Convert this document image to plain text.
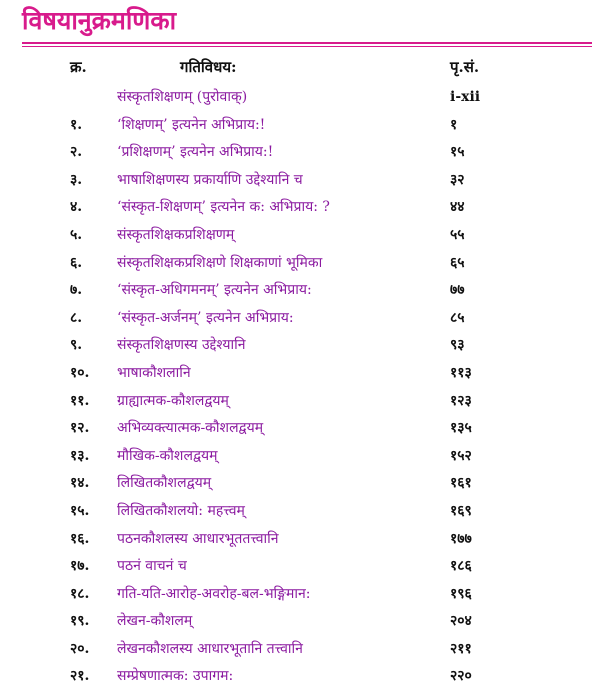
विषयानुक्रमणिका
क्र.	गतिविधय:	पृ.सं.
संस्कृतशिक्षणम् (पुरोवाक्)	i-xii
१. ‘शिक्षणम्’ इत्यनेन अभिप्राय:!	१
२. ‘प्रशिक्षणम्’ इत्यनेन अभिप्राय:!	१५
३. भाषाशिक्षणस्य प्रकार्याणि उद्देश्यानि च	३२
४. ‘संस्कृत-शिक्षणम्’ इत्यनेन क: अभिप्राय: ?	४४
५. संस्कृतशिक्षकप्रशिक्षणम्	५५
६. संस्कृतशिक्षकप्रशिक्षणे शिक्षकाणां भूमिका	६५
७. ‘संस्कृत-अधिगमनम्’ इत्यनेन अभिप्राय:	७७
८. ‘संस्कृत-अर्जनम्’ इत्यनेन अभिप्राय:	८५
९. संस्कृतशिक्षणस्य उद्देश्यानि	९३
१०. भाषाकौशलानि	११३
११. ग्राह्यात्मक-कौशलद्वयम्	१२३
१२. अभिव्यक्त्यात्मक-कौशलद्वयम्	१३५
१३. मौखिक-कौशलद्वयम्	१५२
१४. लिखितकौशलद्वयम्	१६१
१५. लिखितकौशलयो: महत्त्वम्	१६९
१६. पठनकौशलस्य आधारभूततत्त्वानि	१७७
१७. पठनं वाचनं च	१८६
१८. गति-यति-आरोह-अवरोह-बल-भङ्गिमान:	१९६
१९. लेखन-कौशलम्	२०४
२०. लेखनकौशलस्य आधारभूतानि तत्त्वानि	२११
२१. सम्प्रेषणात्मक: उपागम:	२२०
